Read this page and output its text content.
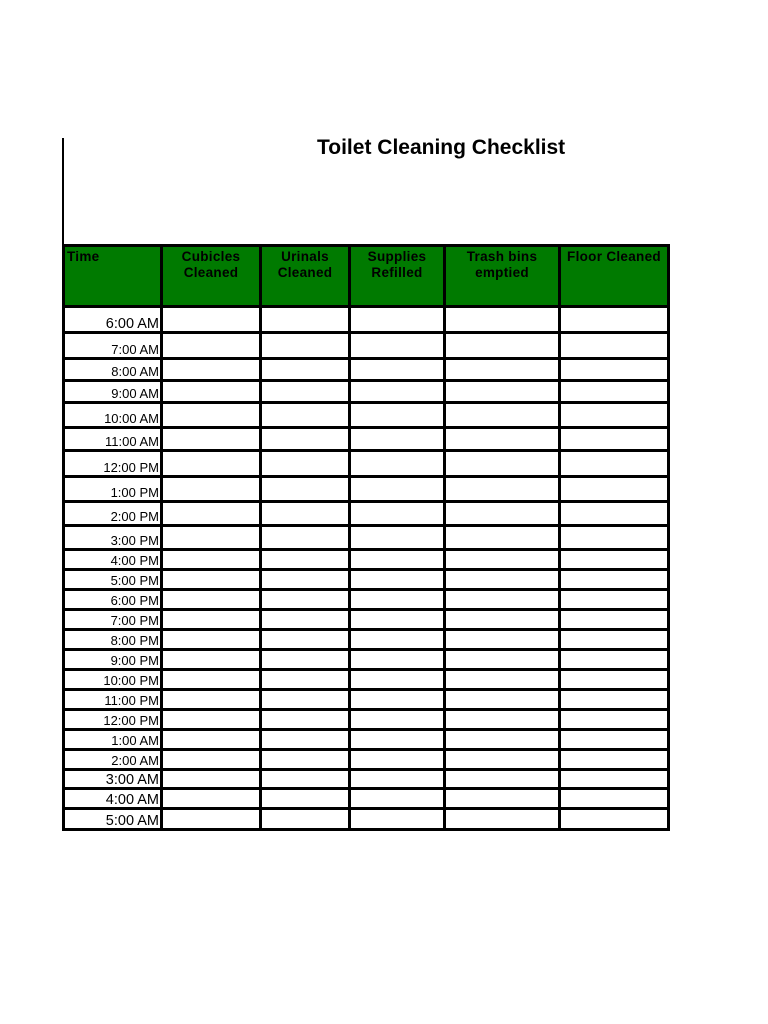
Toilet Cleaning Checklist
Time	Cubicles Cleaned	Urinals Cleaned	Supplies Refilled	Trash bins emptied	Floor Cleaned
6:00 AM					
7:00 AM					
8:00 AM					
9:00 AM					
10:00 AM					
11:00 AM					
12:00 PM					
1:00 PM					
2:00 PM					
3:00 PM					
4:00 PM					
5:00 PM					
6:00 PM					
7:00 PM					
8:00 PM					
9:00 PM					
10:00 PM					
11:00 PM					
12:00 PM					
1:00 AM					
2:00 AM					
3:00 AM					
4:00 AM					
5:00 AM					
